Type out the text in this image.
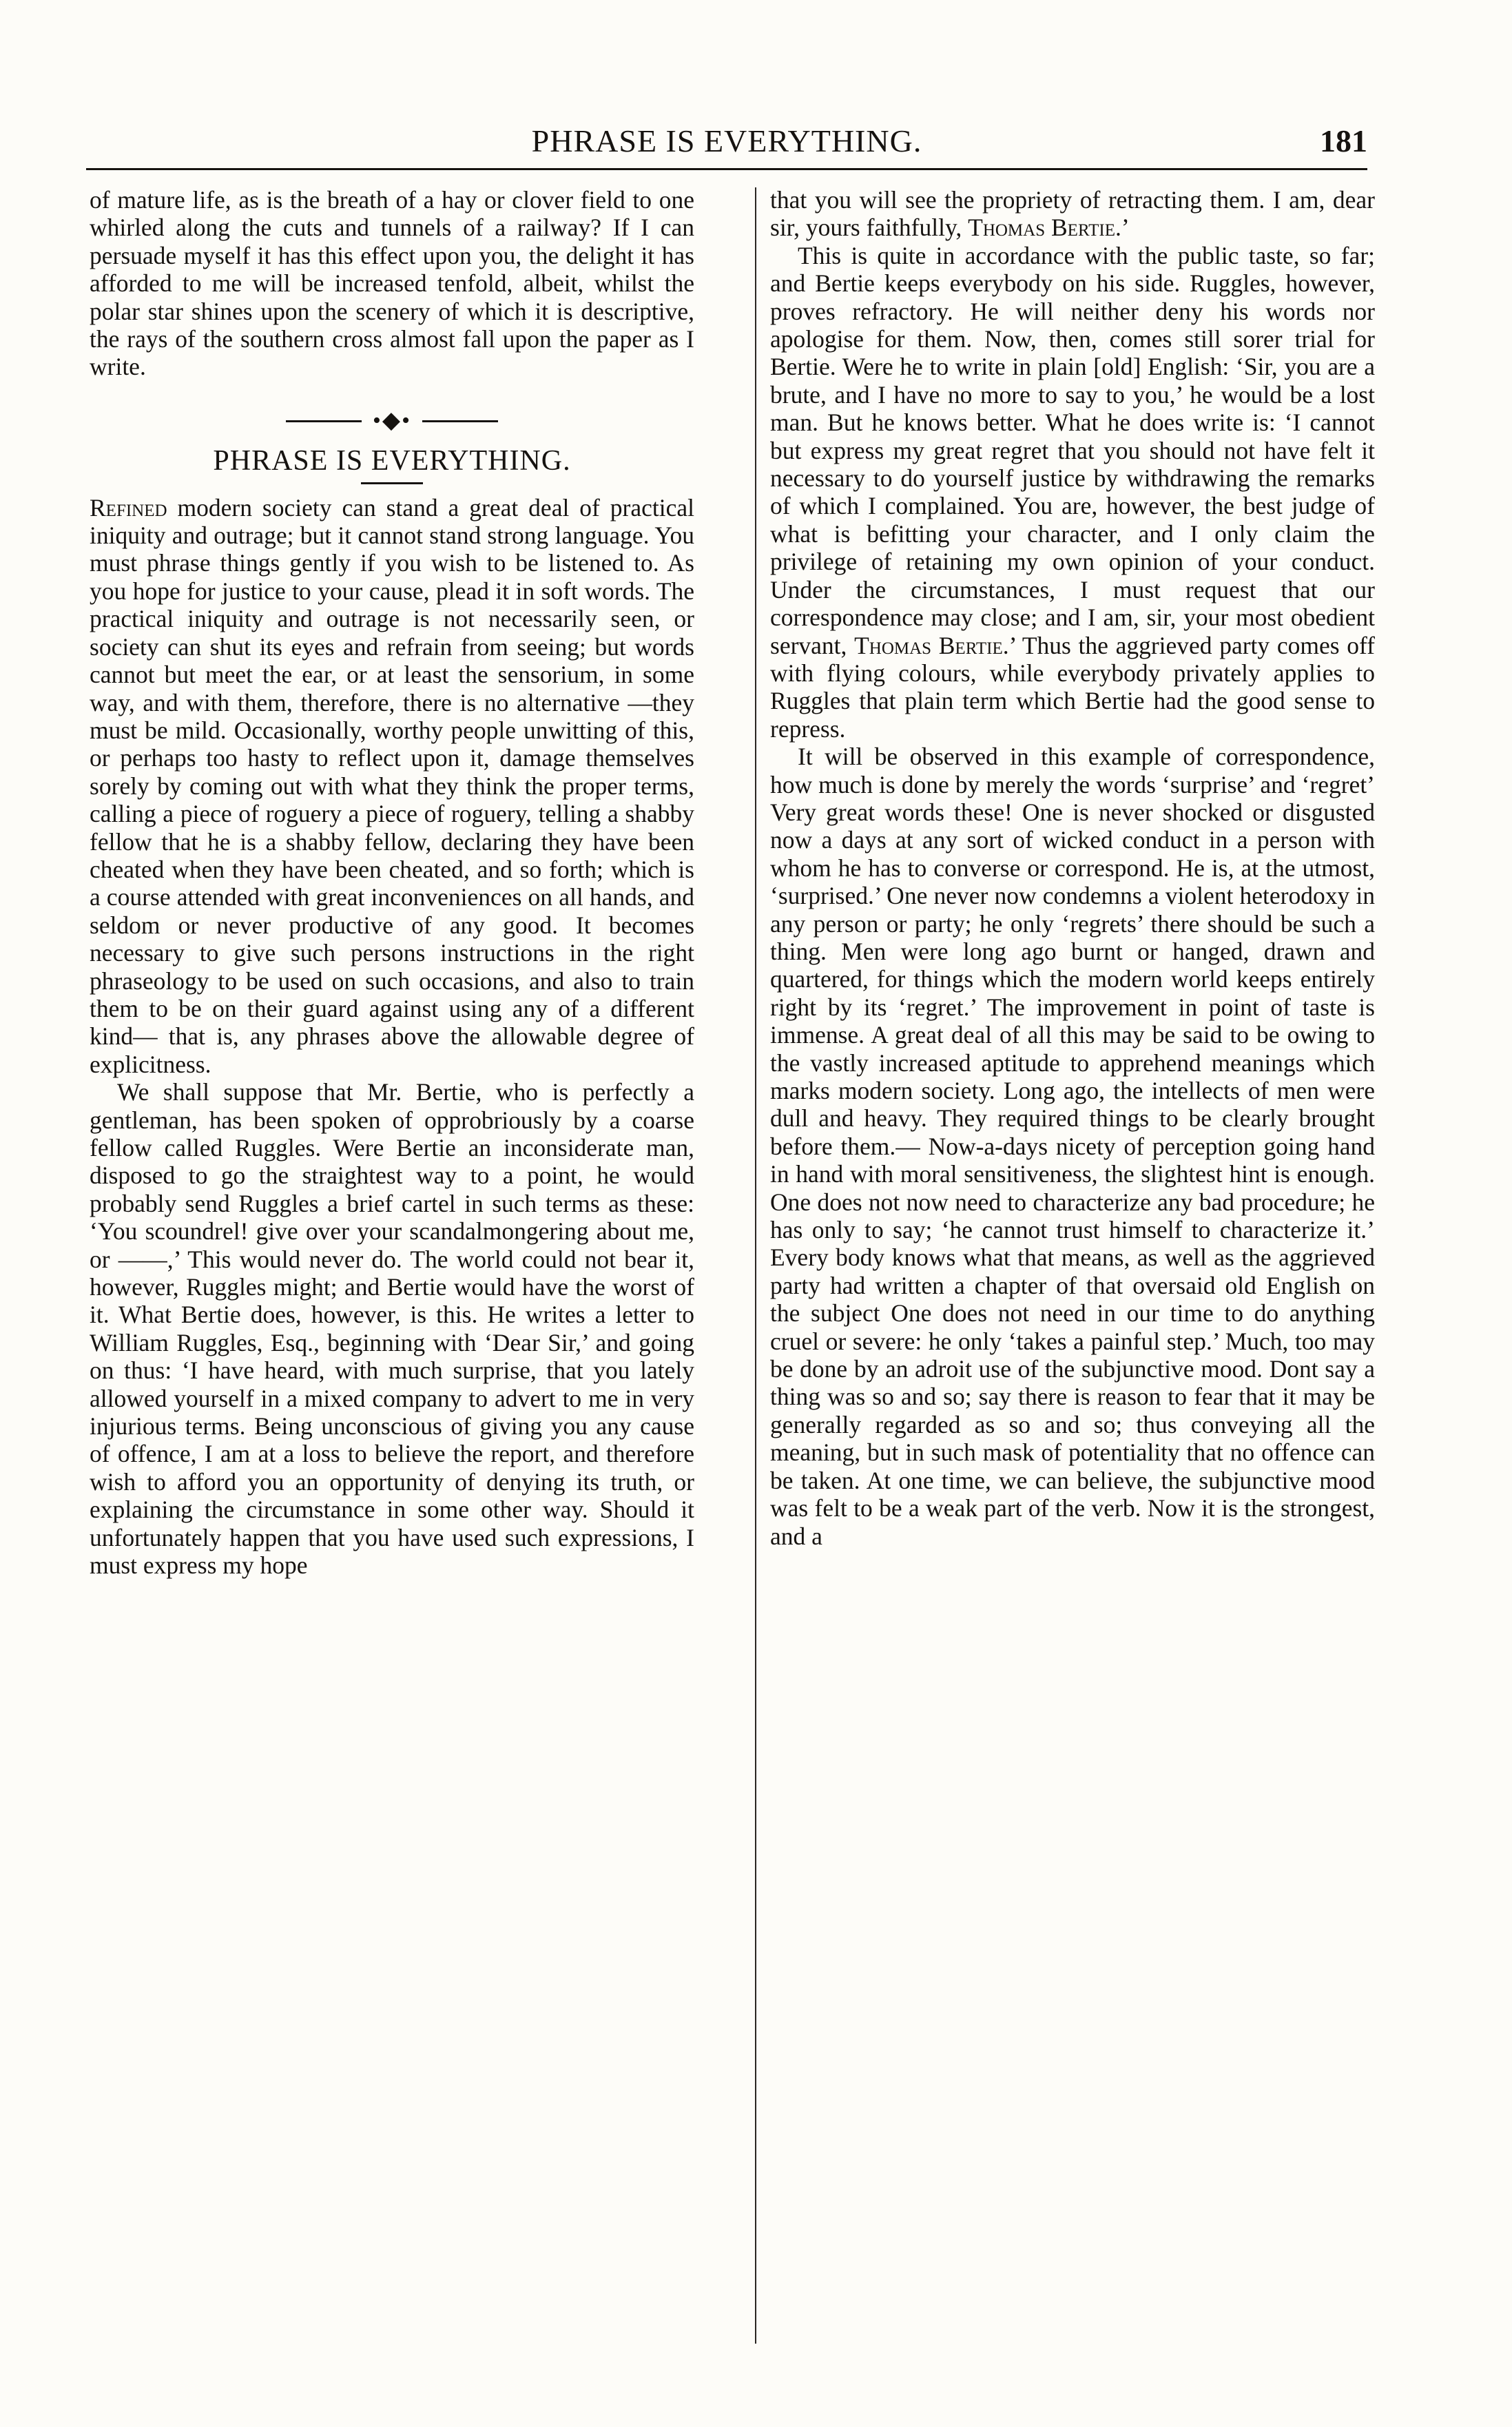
PHRASE IS EVERYTHING.	181

of mature life, as is the breath of a hay or clover field to one whirled along the cuts and tunnels of a railway? If I can persuade myself it has this effect upon you, the delight it has afforded to me will be increased tenfold, albeit, whilst the polar star shines upon the scenery of which it is descriptive, the rays of the southern cross almost fall upon the paper as I write.

•◆•
PHRASE IS EVERYTHING.

Refined modern society can stand a great deal of practical iniquity and outrage; but it cannot stand strong language. You must phrase things gently if you wish to be listened to. As you hope for justice to your cause, plead it in soft words. The practical iniquity and outrage is not necessarily seen, or society can shut its eyes and refrain from seeing; but words cannot but meet the ear, or at least the sensorium, in some way, and with them, therefore, there is no alternative —they must be mild. Occasionally, worthy people unwitting of this, or perhaps too hasty to reflect upon it, damage themselves sorely by coming out with what they think the proper terms, calling a piece of roguery a piece of roguery, telling a shabby fellow that he is a shabby fellow, declaring they have been cheated when they have been cheated, and so forth; which is a course attended with great inconveniences on all hands, and seldom or never productive of any good. It becomes necessary to give such persons instructions in the right phraseology to be used on such occasions, and also to train them to be on their guard against using any of a different kind— that is, any phrases above the allowable degree of explicitness.

We shall suppose that Mr. Bertie, who is perfectly a gentleman, has been spoken of opprobriously by a coarse fellow called Ruggles. Were Bertie an inconsiderate man, disposed to go the straightest way to a point, he would probably send Ruggles a brief cartel in such terms as these: ‘You scoundrel! give over your scandalmongering about me, or ——,’ This would never do. The world could not bear it, however, Ruggles might; and Bertie would have the worst of it. What Bertie does, however, is this. He writes a letter to William Ruggles, Esq., beginning with ‘Dear Sir,’ and going on thus: ‘I have heard, with much surprise, that you lately allowed yourself in a mixed company to advert to me in very injurious terms. Being unconscious of giving you any cause of offence, I am at a loss to believe the report, and therefore wish to afford you an opportunity of denying its truth, or explaining the circumstance in some other way. Should it unfortunately happen that you have used such expressions, I must express my hope

that you will see the propriety of retracting them. I am, dear sir, yours faithfully, Thomas Bertie.’

This is quite in accordance with the public taste, so far; and Bertie keeps everybody on his side. Ruggles, however, proves refractory. He will neither deny his words nor apologise for them. Now, then, comes still sorer trial for Bertie. Were he to write in plain [old] English: ‘Sir, you are a brute, and I have no more to say to you,’ he would be a lost man. But he knows better. What he does write is: ‘I cannot but express my great regret that you should not have felt it necessary to do yourself justice by withdrawing the remarks of which I complained. You are, however, the best judge of what is befitting your character, and I only claim the privilege of retaining my own opinion of your conduct. Under the circumstances, I must request that our correspondence may close; and I am, sir, your most obedient servant, Thomas Bertie.’ Thus the aggrieved party comes off with flying colours, while everybody privately applies to Ruggles that plain term which Bertie had the good sense to repress.

It will be observed in this example of correspondence, how much is done by merely the words ‘surprise’ and ‘regret’ Very great words these! One is never shocked or disgusted now a days at any sort of wicked conduct in a person with whom he has to converse or correspond. He is, at the utmost, ‘surprised.’ One never now condemns a violent heterodoxy in any person or party; he only ‘regrets’ there should be such a thing. Men were long ago burnt or hanged, drawn and quartered, for things which the modern world keeps entirely right by its ‘regret.’ The improvement in point of taste is immense. A great deal of all this may be said to be owing to the vastly increased aptitude to apprehend meanings which marks modern society. Long ago, the intellects of men were dull and heavy. They required things to be clearly brought before them.— Now-a-days nicety of perception going hand in hand with moral sensitiveness, the slightest hint is enough. One does not now need to characterize any bad procedure; he has only to say; ‘he cannot trust himself to characterize it.’ Every body knows what that means, as well as the aggrieved party had written a chapter of that oversaid old English on the subject One does not need in our time to do anything cruel or severe: he only ‘takes a painful step.’ Much, too may be done by an adroit use of the subjunctive mood. Dont say a thing was so and so; say there is reason to fear that it may be generally regarded as so and so; thus conveying all the meaning, but in such mask of potentiality that no offence can be taken. At one time, we can believe, the subjunctive mood was felt to be a weak part of the verb. Now it is the strongest, and a
